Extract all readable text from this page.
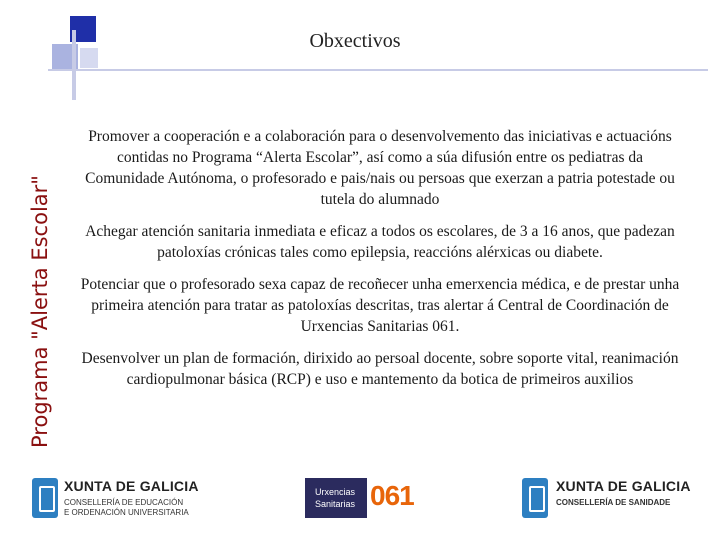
Obxectivos
Programa "Alerta Escolar"

Promover a cooperación e a colaboración para o desenvolvemento das iniciativas e actuacións contidas no Programa “Alerta Escolar”, así como a súa difusión entre os pediatras da Comunidade Autónoma, o profesorado e pais/nais ou persoas que exerzan a patria potestade ou tutela do alumnado

Achegar atención sanitaria inmediata e eficaz a todos os escolares, de 3 a 16 anos, que padezan patoloxías crónicas tales como epilepsia, reaccións alérxicas ou diabete.

Potenciar que o profesorado sexa capaz de recoñecer unha emerxencia médica, e de prestar unha primeira atención para tratar as patoloxías descritas, tras alertar á Central de Coordinación de Urxencias Sanitarias 061.

Desenvolver un plan de formación, dirixido ao persoal docente, sobre soporte vital, reanimación cardiopulmonar básica (RCP) e uso e mantemento da botica de primeiros auxilios

XUNTA DE GALICIA
CONSELLERÍA DE EDUCACIÓN
E ORDENACIÓN UNIVERSITARIA
Urxencias
Sanitarias 061	XUNTA DE GALICIA
CONSELLERÍA DE SANIDADE
